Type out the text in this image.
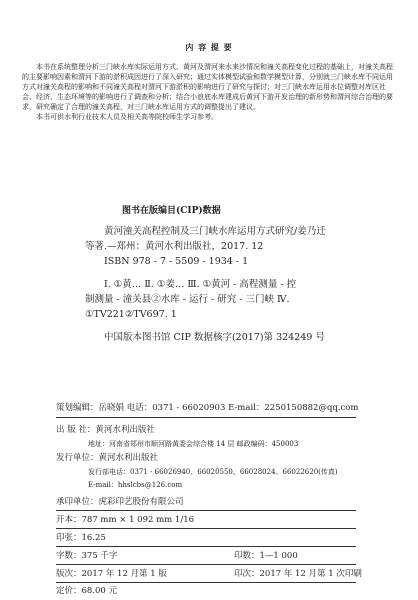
内 容 提 要

本书在系统整理分析三门峡水库实际运用方式、黄河及渭河来水来沙情况和潼关高程变化过程的基础上，对潼关高程的主要影响因素和渭河下游的淤积成因进行了深入研究；通过实体模型试验和数学模型计算，分别就三门峡水库不同运用方式对潼关高程的影响和不同潼关高程对渭河下游淤积的影响进行了研究与探讨；对三门峡水库运用水位调整对库区社会、经济、生态环境等的影响进行了调查和分析；结合小浪底水库建成后黄河下游开发治理的新形势和渭河综合治理的要求，研究确定了合理的潼关高程，对三门峡水库运用方式的调整提出了建议。

本书可供水利行业技术人员及相关高等院校师生学习参考。

图书在版编目(CIP)数据

黄河潼关高程控制及三门峡水库运用方式研究/姜乃迁

等著.—郑州：黄河水利出版社，2017. 12

ISBN 978 - 7 - 5509 - 1934 - 1

Ⅰ. ①黄… Ⅱ. ①姜… Ⅲ. ①黄河 - 高程测量 - 控

制测量 - 潼关县②水库 - 运行 - 研究 - 三门峡 Ⅳ.

①TV221②TV697. 1

中国版本图书馆 CIP 数据核字(2017)第 324249 号

策划编辑：岳晓娟 电话：0371 - 66020903 E-mail：2250150882@qq.com
出 版 社：黄河水利出版社
地址：河南省郑州市顺河路黄委会综合楼 14 层 邮政编码：450003
发行单位：黄河水利出版社
发行部电话：0371 - 66026940、66020550、66028024、66022620(传真)
E-mail：hhslcbs@126.com
承印单位：虎彩印艺股份有限公司
开本：787 mm × 1 092 mm 1/16
印张：16.25
字数：375 千字	印数：1—1 000
版次：2017 年 12 月第 1 版	印次：2017 年 12 月第 1 次印刷
定价：68.00 元
